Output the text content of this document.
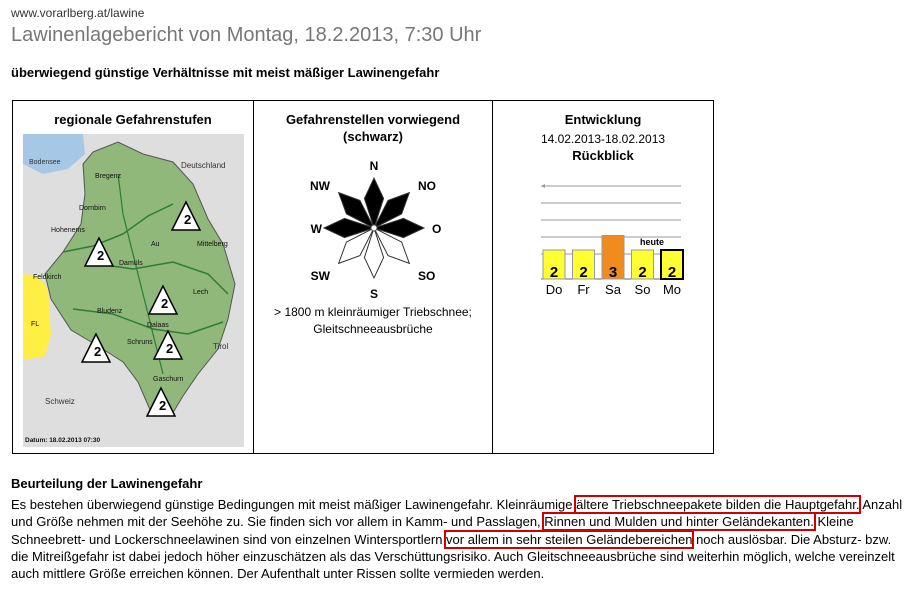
www.vorarlberg.at/lawine
Lawinenlagebericht von Montag, 18.2.2013, 7:30 Uhr
überwiegend günstige Verhältnisse mit meist mäßiger Lawinengefahr
regionale Gefahrenstufen
Bodensee	Deutschland
Bregenz
Dornbirn
Hohenems
Au	Mittelberg
Damüls
Feldkirch
Lech
FL
Bludenz
Dalaas
Schruns	Tirol
Gaschurn
Schweiz
Datum: 18.02.2013 07:30
2
2
2
2
2
2
Gefahrenstellen vorwiegend
(schwarz)
N
NO
O
SO
S
SW
W
NW
> 1800 m kleinräumiger Triebschnee;
Gleitschneeausbrüche
Entwicklung
14.02.2013-18.02.2013
Rückblick
heute
2
Do
2
Fr
3
Sa
2
So
2
Mo
Beurteilung der Lawinengefahr
Es bestehen überwiegend günstige Bedingungen mit meist mäßiger Lawinengefahr. Kleinräumige ältere Triebschneepakete bilden die Hauptgefahr. Anzahl und Größe nehmen mit der Seehöhe zu. Sie finden sich vor allem in Kamm- und Passlagen, Rinnen und Mulden und hinter Geländekanten. Kleine Schneebrett- und Lockerschneelawinen sind von einzelnen Wintersportlern vor allem in sehr steilen Geländebereichen noch auslösbar. Die Absturz- bzw. die Mitreißgefahr ist dabei jedoch höher einzuschätzen als das Verschüttungsrisiko. Auch Gleitschneeausbrüche sind weiterhin möglich, welche vereinzelt auch mittlere Größe erreichen können. Der Aufenthalt unter Rissen sollte vermieden werden.
